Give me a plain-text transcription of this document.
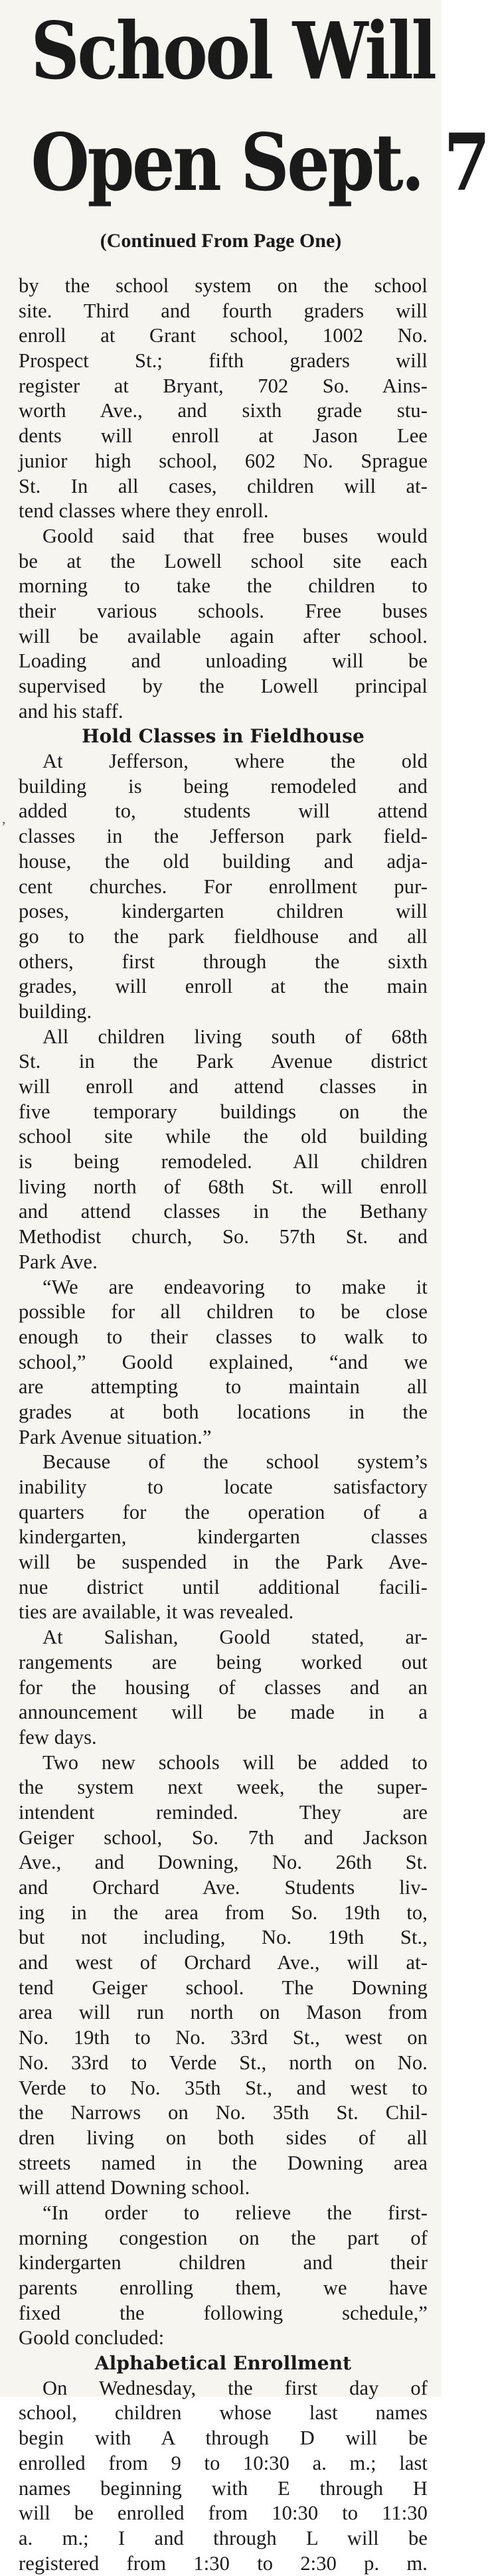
School Will
Open Sept. 7

(Continued From Page One)

,
by the school system on the school
site. Third and fourth graders will
enroll at Grant school, 1002 No.
Prospect St.; fifth graders will
register at Bryant, 702 So. Ains-
worth Ave., and sixth grade stu-
dents will enroll at Jason Lee
junior high school, 602 No. Sprague
St. In all cases, children will at-
tend classes where they enroll.
Goold said that free buses would
be at the Lowell school site each
morning to take the children to
their various schools. Free buses
will be available again after school.
Loading and unloading will be
supervised by the Lowell principal
and his staff.
Hold Classes in Fieldhouse
At Jefferson, where the old
building is being remodeled and
added to, students will attend
classes in the Jefferson park field-
house, the old building and adja-
cent churches. For enrollment pur-
poses, kindergarten children will
go to the park fieldhouse and all
others, first through the sixth
grades, will enroll at the main
building.
All children living south of 68th
St. in the Park Avenue district
will enroll and attend classes in
five temporary buildings on the
school site while the old building
is being remodeled. All children
living north of 68th St. will enroll
and attend classes in the Bethany
Methodist church, So. 57th St. and
Park Ave.
“We are endeavoring to make it
possible for all children to be close
enough to their classes to walk to
school,” Goold explained, “and we
are attempting to maintain all
grades at both locations in the
Park Avenue situation.”
Because of the school system’s
inability to locate satisfactory
quarters for the operation of a
kindergarten, kindergarten classes
will be suspended in the Park Ave-
nue district until additional facili-
ties are available, it was revealed.
At Salishan, Goold stated, ar-
rangements are being worked out
for the housing of classes and an
announcement will be made in a
few days.
Two new schools will be added to
the system next week, the super-
intendent reminded. They are
Geiger school, So. 7th and Jackson
Ave., and Downing, No. 26th St.
and Orchard Ave. Students liv-
ing in the area from So. 19th to,
but not including, No. 19th St.,
and west of Orchard Ave., will at-
tend Geiger school. The Downing
area will run north on Mason from
No. 19th to No. 33rd St., west on
No. 33rd to Verde St., north on No.
Verde to No. 35th St., and west to
the Narrows on No. 35th St. Chil-
dren living on both sides of all
streets named in the Downing area
will attend Downing school.
“In order to relieve the first-
morning congestion on the part of
kindergarten children and their
parents enrolling them, we have
fixed the following schedule,”
Goold concluded:
Alphabetical Enrollment
On Wednesday, the first day of
school, children whose last names
begin with A through D will be
enrolled from 9 to 10:30 a. m.; last
names beginning with E through H
will be enrolled from 10:30 to 11:30
a. m.; I and through L will be
registered from 1:30 to 2:30 p. m.
